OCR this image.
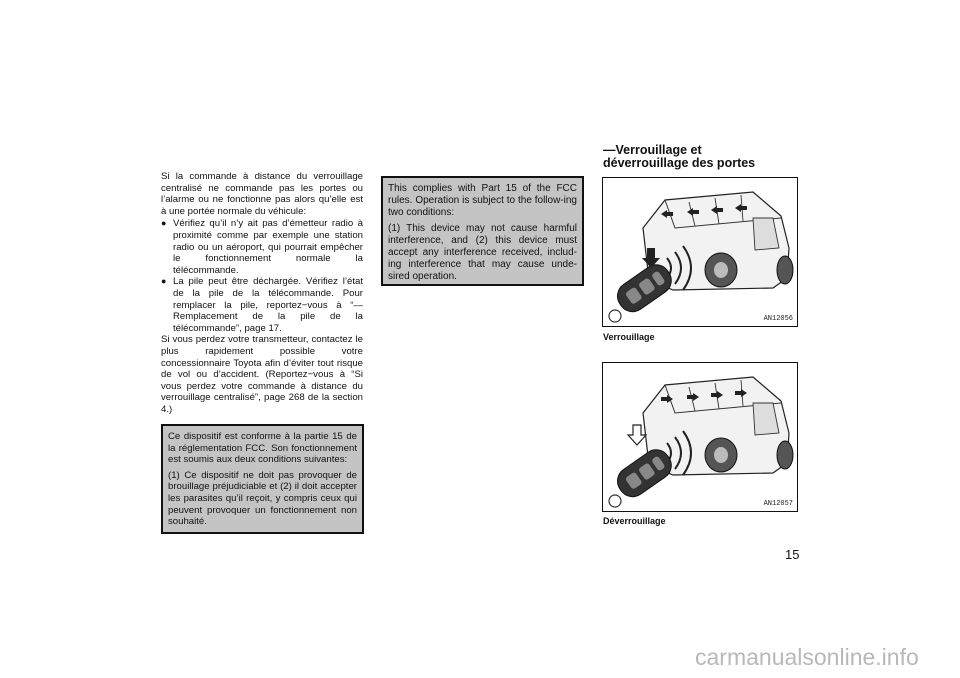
Si la commande à distance du verrouillage centralisé ne commande pas les portes ou l’alarme ou ne fonctionne pas alors qu’elle est à une portée normale du véhicule:

● Vérifiez qu’il n’y ait pas d’émetteur radio à proximité comme par exemple une station radio ou un aéroport, qui pourrait empêcher le fonctionnement normale la télécommande.
● La pile peut être déchargée. Vérifiez l’état de la pile de la télécommande. Pour remplacer la pile, reportez−vous à “—Remplacement de la pile de la télécommande”, page 17.

Si vous perdez votre transmetteur, contactez le plus rapidement possible votre concessionnaire Toyota afin d’éviter tout risque de vol ou d’accident. (Reportez−vous à “Si vous perdez votre commande à distance du verrouillage centralisé”, page 268 de la section 4.)

Ce dispositif est conforme à la partie 15 de la réglementation FCC. Son fonctionnement est soumis aux deux conditions suivantes:

(1) Ce dispositif ne doit pas provoquer de brouillage préjudiciable et (2) il doit accepter les parasites qu’il reçoit, y compris ceux qui peuvent provoquer un fonctionnement non souhaité.

This complies with Part 15 of the FCC rules. Operation is subject to the follow-ing two conditions:

(1) This device may not cause harmful interference, and (2) this device must accept any interference received, includ-ing interference that may cause unde-sired operation.

—Verrouillage et
déverrouillage des portes
AN12056
Verrouillage
AN12057
Déverrouillage
15
carmanualsonline.info
